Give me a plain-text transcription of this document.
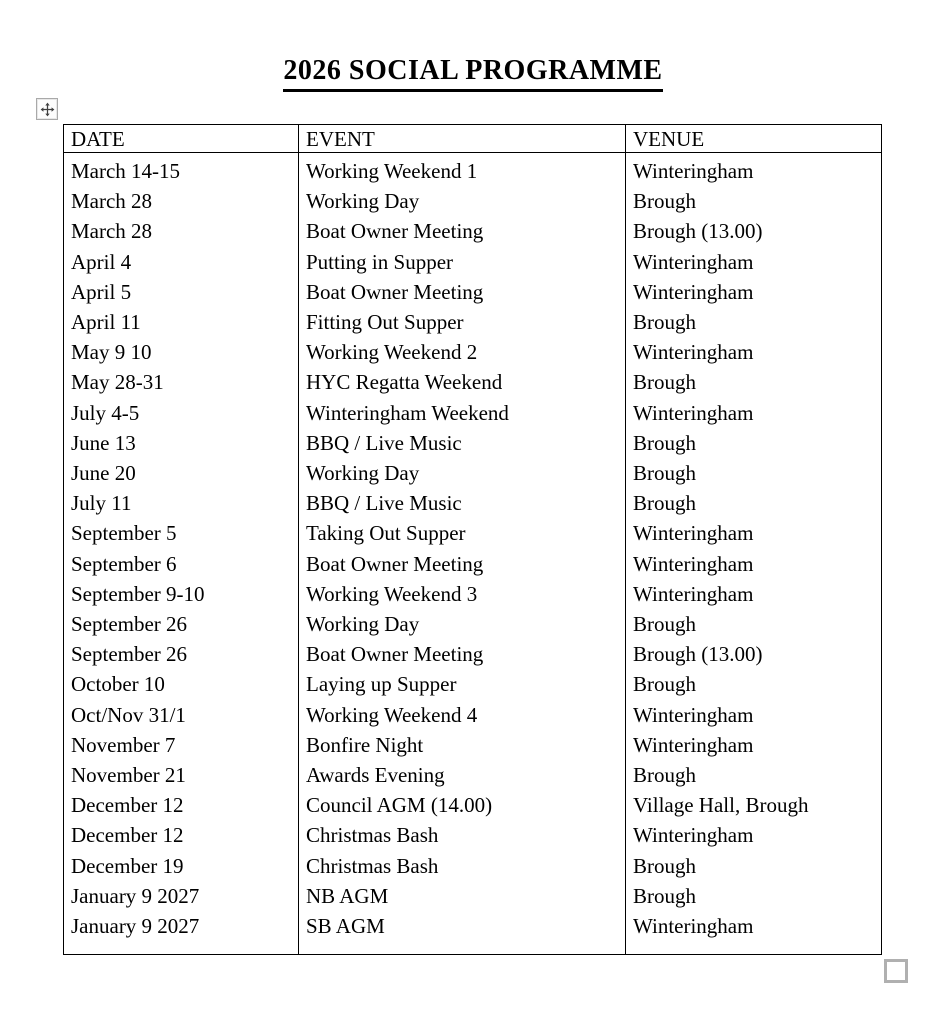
2026 SOCIAL PROGRAMME
DATE	EVENT	VENUE
March 14-15
March 28
March 28
April 4
April 5
April 11
May 9 10
May 28-31
July 4-5
June 13
June 20
July 11
September 5
September 6
September 9-10
September 26
September 26
October 10
Oct/Nov 31/1
November 7
November 21
December 12
December 12
December 19
January 9 2027
January 9 2027
Working Weekend 1
Working Day
Boat Owner Meeting
Putting in Supper
Boat Owner Meeting
Fitting Out Supper
Working Weekend 2
HYC Regatta Weekend
Winteringham Weekend
BBQ / Live Music
Working Day
BBQ / Live Music
Taking Out Supper
Boat Owner Meeting
Working Weekend 3
Working Day
Boat Owner Meeting
Laying up Supper
Working Weekend 4
Bonfire Night
Awards Evening
Council AGM (14.00)
Christmas Bash
Christmas Bash
NB AGM
SB AGM
Winteringham
Brough
Brough (13.00)
Winteringham
Winteringham
Brough
Winteringham
Brough
Winteringham
Brough
Brough
Brough
Winteringham
Winteringham
Winteringham
Brough
Brough (13.00)
Brough
Winteringham
Winteringham
Brough
Village Hall, Brough
Winteringham
Brough
Brough
Winteringham
